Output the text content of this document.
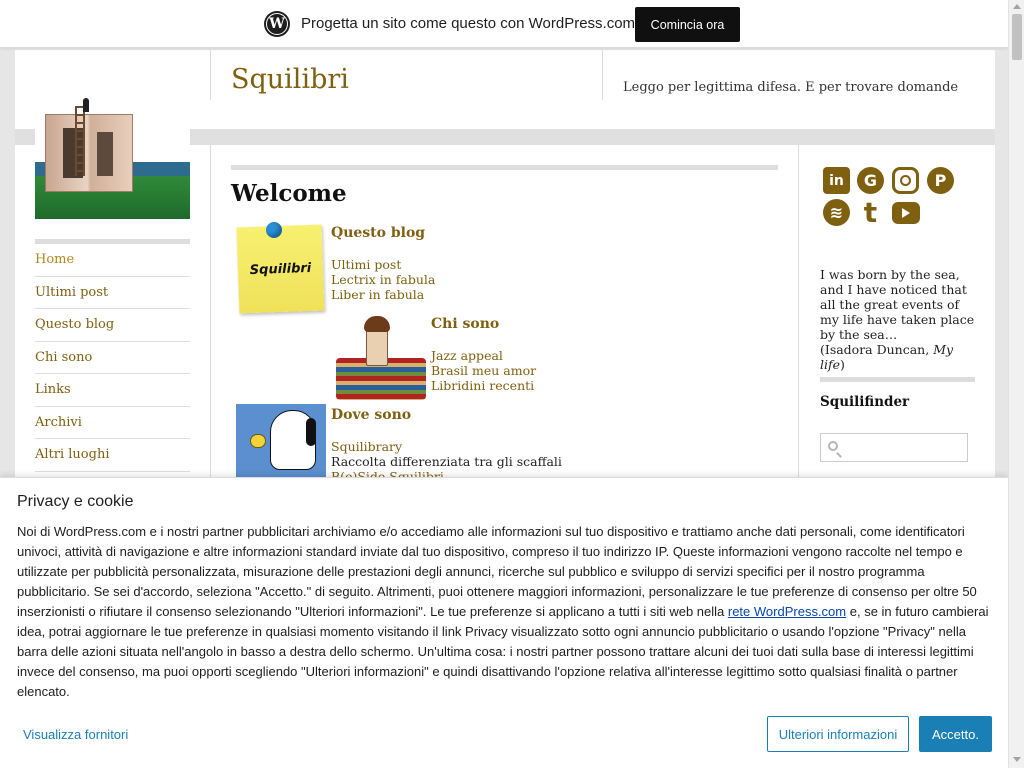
W Progetta un sito come questo con WordPress.com	Comincia ora
Squilibri	Leggo per legittima difesa. E per trovare domande
Home
Ultimi post
Questo blog
Chi sono
Links
Archivi
Altri luoghi
Welcome
Squilibri
Questo blog
Ultimi post
Lectrix in fabula
Liber in fabula
Chi sono
Jazz appeal
Brasil meu amor
Libridini recenti
Dove sono
Squilibrary
Raccolta differenziata tra gli scaffali
in	G	P
≋ t
I was born by the sea, and I have noticed that all the great events of my life have taken place by the sea…
(Isadora Duncan, My life)
Squilifinder
Privacy e cookie

Noi di WordPress.com e i nostri partner pubblicitari archiviamo e/o accediamo alle informazioni sul tuo dispositivo e trattiamo anche dati personali, come identificatori univoci, attività di navigazione e altre informazioni standard inviate dal tuo dispositivo, compreso il tuo indirizzo IP. Queste informazioni vengono raccolte nel tempo e utilizzate per pubblicità personalizzata, misurazione delle prestazioni degli annunci, ricerche sul pubblico e sviluppo di servizi specifici per il nostro programma pubblicitario. Se sei d'accordo, seleziona "Accetto." di seguito. Altrimenti, puoi ottenere maggiori informazioni, personalizzare le tue preferenze di consenso per oltre 50 inserzionisti o rifiutare il consenso selezionando "Ulteriori informazioni". Le tue preferenze si applicano a tutti i siti web nella rete WordPress.com e, se in futuro cambierai idea, potrai aggiornare le tue preferenze in qualsiasi momento visitando il link Privacy visualizzato sotto ogni annuncio pubblicitario o usando l'opzione "Privacy" nella barra delle azioni situata nell'angolo in basso a destra dello schermo. Un'ultima cosa: i nostri partner possono trattare alcuni dei tuoi dati sulla base di interessi legittimi invece del consenso, ma puoi opporti scegliendo "Ulteriori informazioni" e quindi disattivando l'opzione relativa all'interesse legittimo sotto qualsiasi finalità o partner elencato.

Visualizza fornitori	Ulteriori informazioni	Accetto.
